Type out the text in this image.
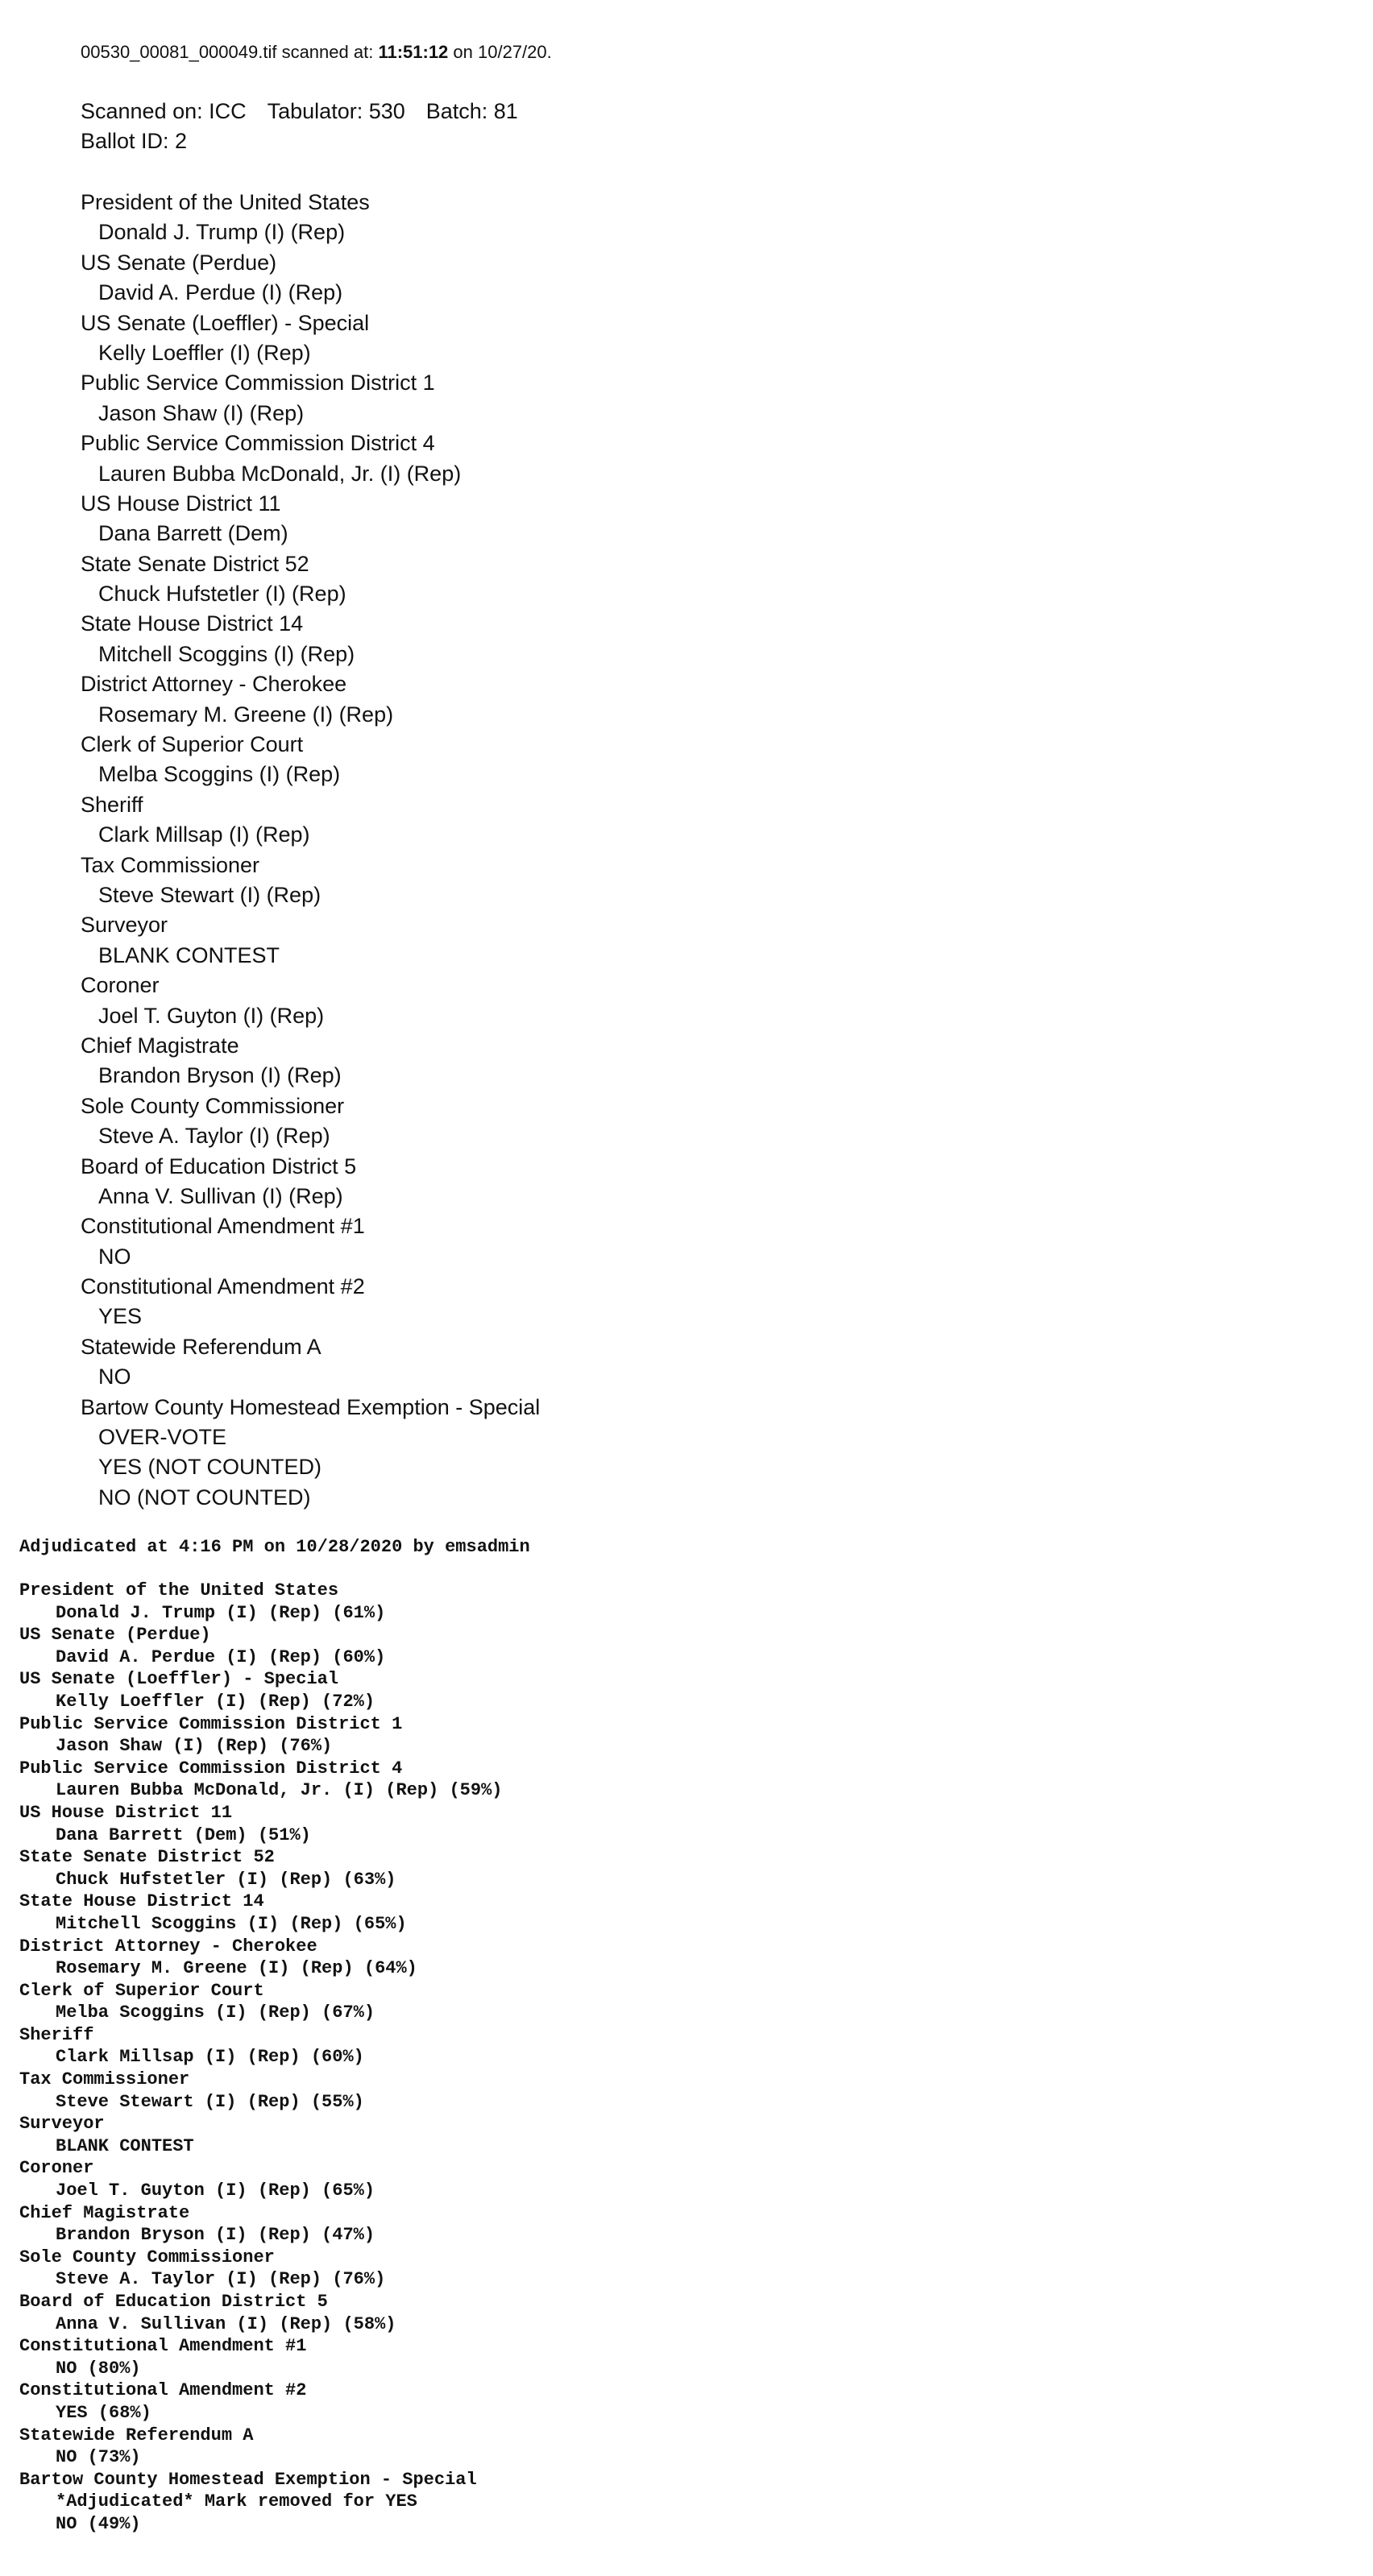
00530_00081_000049.tif scanned at: 11:51:12 on 10/27/20.
Scanned on: ICC Tabulator: 530 Batch: 81
Ballot ID: 2
President of the United States
Donald J. Trump (I) (Rep)
US Senate (Perdue)
David A. Perdue (I) (Rep)
US Senate (Loeffler) - Special
Kelly Loeffler (I) (Rep)
Public Service Commission District 1
Jason Shaw (I) (Rep)
Public Service Commission District 4
Lauren Bubba McDonald, Jr. (I) (Rep)
US House District 11
Dana Barrett (Dem)
State Senate District 52
Chuck Hufstetler (I) (Rep)
State House District 14
Mitchell Scoggins (I) (Rep)
District Attorney - Cherokee
Rosemary M. Greene (I) (Rep)
Clerk of Superior Court
Melba Scoggins (I) (Rep)
Sheriff
Clark Millsap (I) (Rep)
Tax Commissioner
Steve Stewart (I) (Rep)
Surveyor
BLANK CONTEST
Coroner
Joel T. Guyton (I) (Rep)
Chief Magistrate
Brandon Bryson (I) (Rep)
Sole County Commissioner
Steve A. Taylor (I) (Rep)
Board of Education District 5
Anna V. Sullivan (I) (Rep)
Constitutional Amendment #1
NO
Constitutional Amendment #2
YES
Statewide Referendum A
NO
Bartow County Homestead Exemption - Special
OVER-VOTE
YES (NOT COUNTED)
NO (NOT COUNTED)
Adjudicated at 4:16 PM on 10/28/2020 by emsadmin
President of the United States
Donald J. Trump (I) (Rep) (61%)
US Senate (Perdue)
David A. Perdue (I) (Rep) (60%)
US Senate (Loeffler) - Special
Kelly Loeffler (I) (Rep) (72%)
Public Service Commission District 1
Jason Shaw (I) (Rep) (76%)
Public Service Commission District 4
Lauren Bubba McDonald, Jr. (I) (Rep) (59%)
US House District 11
Dana Barrett (Dem) (51%)
State Senate District 52
Chuck Hufstetler (I) (Rep) (63%)
State House District 14
Mitchell Scoggins (I) (Rep) (65%)
District Attorney - Cherokee
Rosemary M. Greene (I) (Rep) (64%)
Clerk of Superior Court
Melba Scoggins (I) (Rep) (67%)
Sheriff
Clark Millsap (I) (Rep) (60%)
Tax Commissioner
Steve Stewart (I) (Rep) (55%)
Surveyor
BLANK CONTEST
Coroner
Joel T. Guyton (I) (Rep) (65%)
Chief Magistrate
Brandon Bryson (I) (Rep) (47%)
Sole County Commissioner
Steve A. Taylor (I) (Rep) (76%)
Board of Education District 5
Anna V. Sullivan (I) (Rep) (58%)
Constitutional Amendment #1
NO (80%)
Constitutional Amendment #2
YES (68%)
Statewide Referendum A
NO (73%)
Bartow County Homestead Exemption - Special
*Adjudicated* Mark removed for YES
NO (49%)
